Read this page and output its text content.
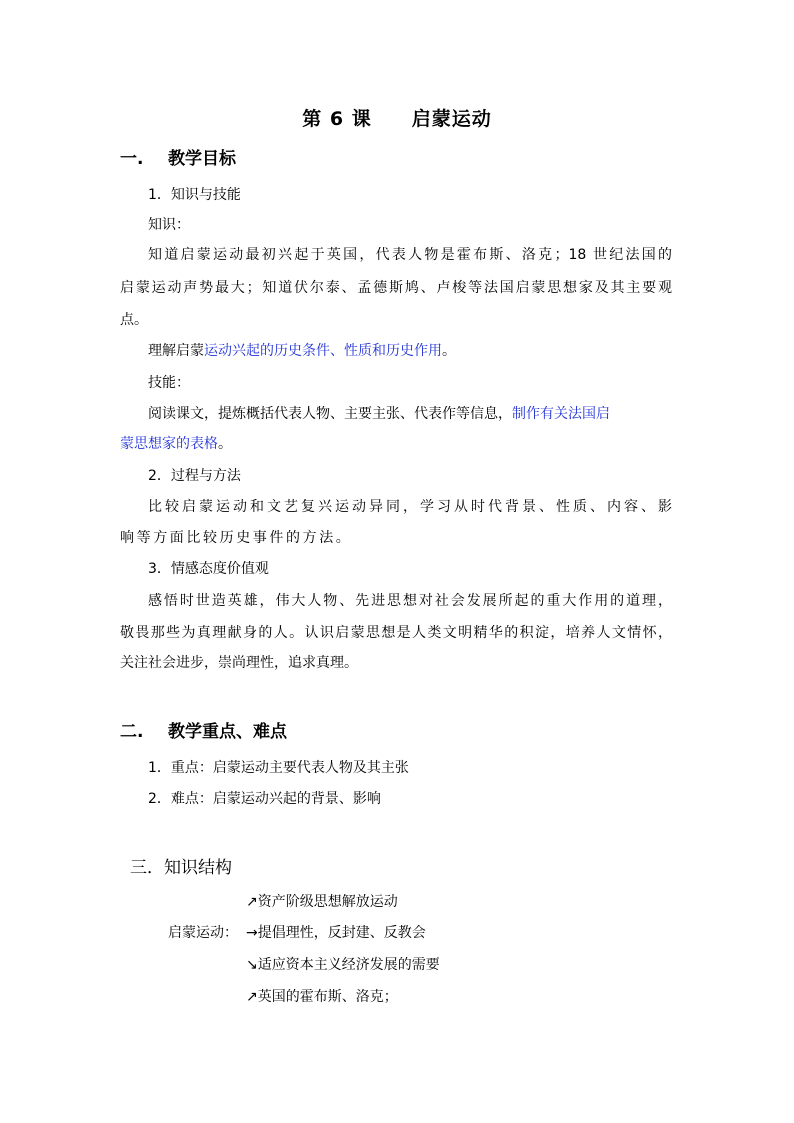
第 6 课　　启蒙运动
一. 教学目标
1．知识与技能
知识：
知道启蒙运动最初兴起于英国，代表人物是霍布斯、洛克；18 世纪法国的
启蒙运动声势最大；知道伏尔泰、孟德斯鸠、卢梭等法国启蒙思想家及其主要观
点。
理解启蒙运动兴起的历史条件、性质和历史作用。
技能：
阅读课文，提炼概括代表人物、主要主张、代表作等信息，制作有关法国启
蒙思想家的表格。
2．过程与方法
比较启蒙运动和文艺复兴运动异同，学习从时代背景、性质、内容、影
响等方面比较历史事件的方法。
3．情感态度价值观
感悟时世造英雄，伟大人物、先进思想对社会发展所起的重大作用的道理，
敬畏那些为真理献身的人。认识启蒙思想是人类文明精华的积淀，培养人文情怀，
关注社会进步，崇尚理性，追求真理。
二. 教学重点、难点
1．重点：启蒙运动主要代表人物及其主张
2．难点：启蒙运动兴起的背景、影响
三．知识结构
↗资产阶级思想解放运动
启蒙运动： →提倡理性，反封建、反教会
↘适应资本主义经济发展的需要
↗英国的霍布斯、洛克；
